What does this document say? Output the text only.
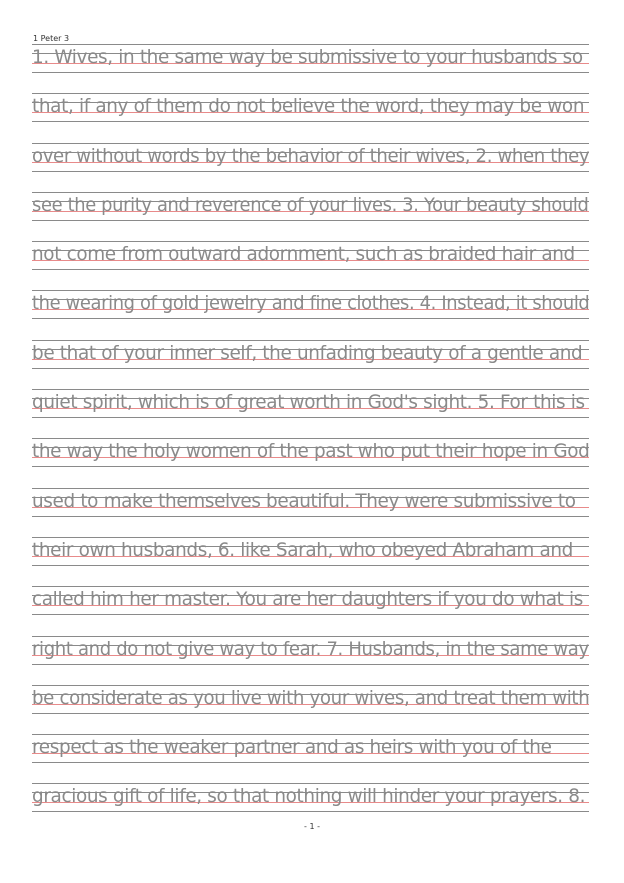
1 Peter 3
1. Wives, in the same way be submissive to your husbands so
that, if any of them do not believe the word, they may be won
over without words by the behavior of their wives, 2. when they
see the purity and reverence of your lives. 3. Your beauty should
not come from outward adornment, such as braided hair and
the wearing of gold jewelry and fine clothes. 4. Instead, it should
be that of your inner self, the unfading beauty of a gentle and
quiet spirit, which is of great worth in God's sight. 5. For this is
the way the holy women of the past who put their hope in God
used to make themselves beautiful. They were submissive to
their own husbands, 6. like Sarah, who obeyed Abraham and
called him her master. You are her daughters if you do what is
right and do not give way to fear. 7. Husbands, in the same way
be considerate as you live with your wives, and treat them with
respect as the weaker partner and as heirs with you of the
gracious gift of life, so that nothing will hinder your prayers. 8.
- 1 -
